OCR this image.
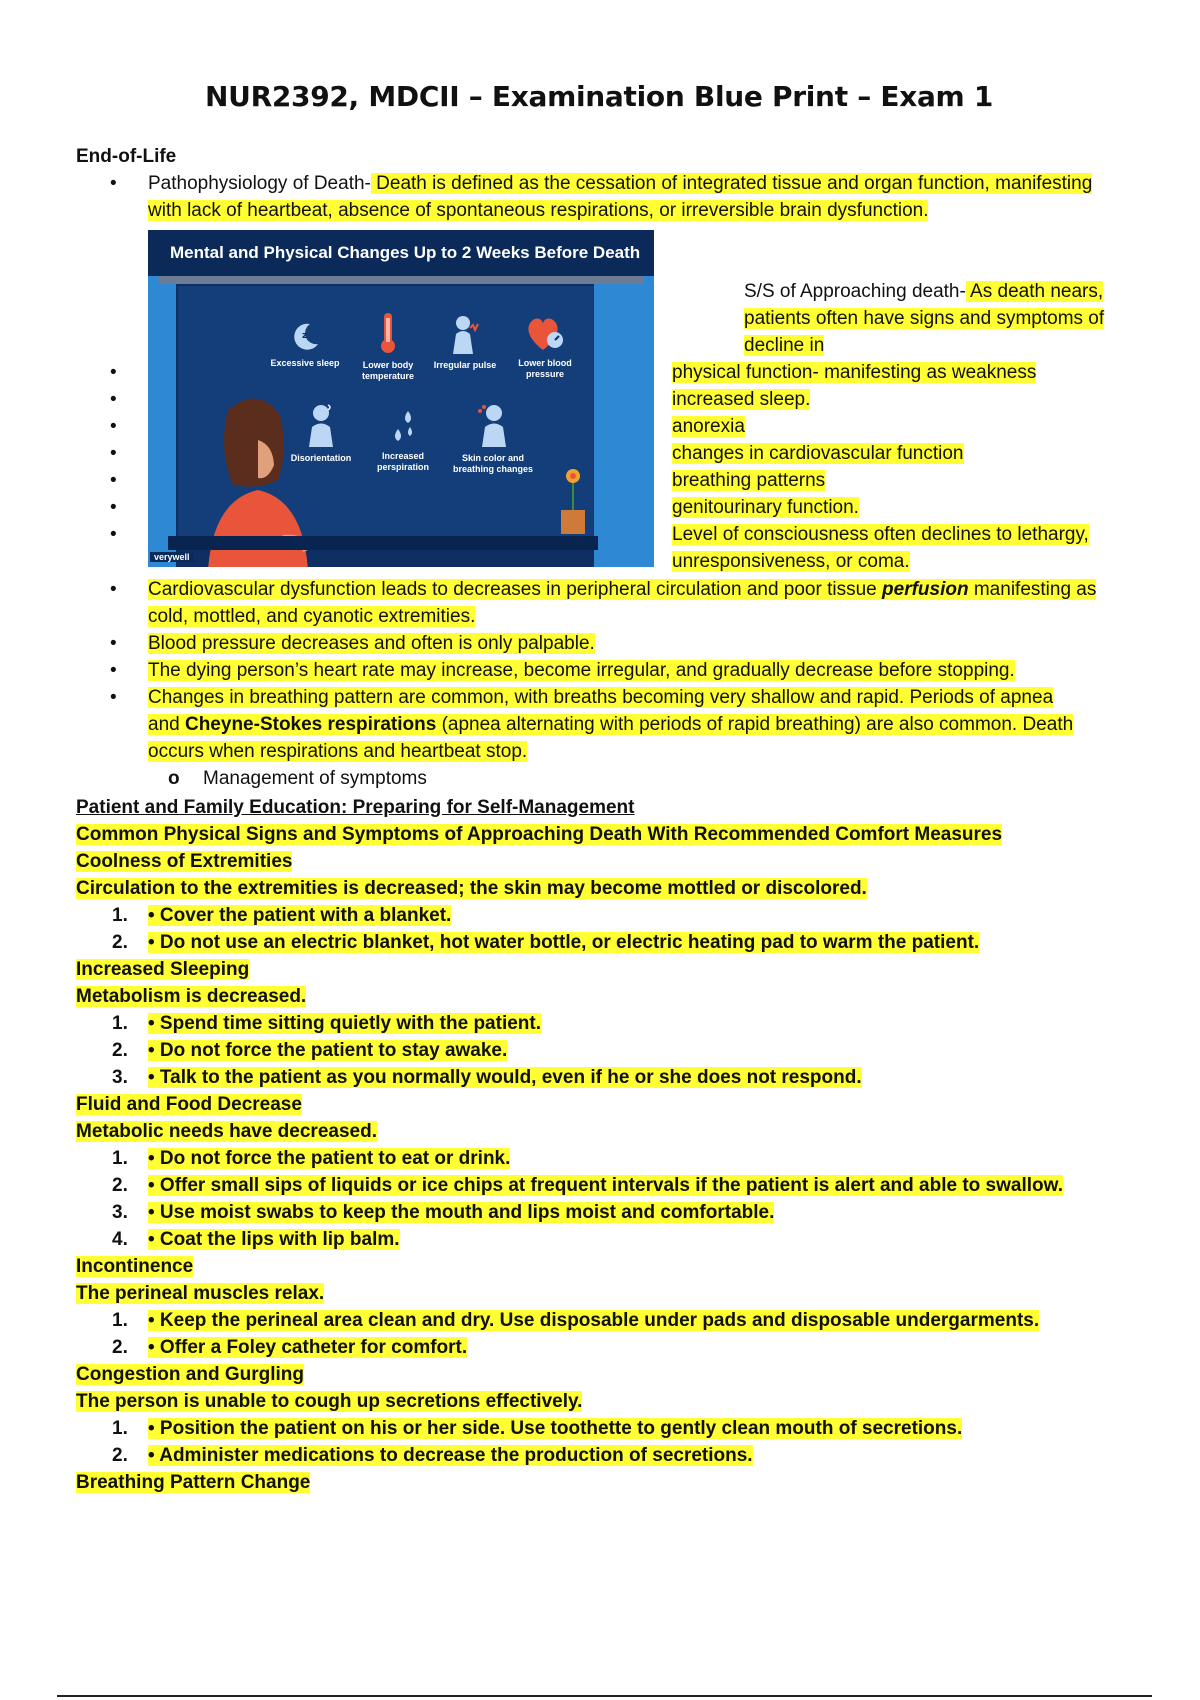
NUR2392, MDCII – Examination Blue Print – Exam 1
End-of-Life
• Pathophysiology of Death- Death is defined as the cessation of integrated tissue and organ function, manifesting
with lack of heartbeat, absence of spontaneous respirations, or irreversible brain dysfunction.
Mental and Physical Changes Up to 2 Weeks Before Death
z
Excessive sleep	Lower body temperature
Irregular pulse	Lower blood pressure
Disorientation	Increased perspiration
Skin color and breathing changes
verywell
S/S of Approaching death- As death nears,
patients often have signs and symptoms of
decline in
•	physical function- manifesting as weakness
•	increased sleep.
•	anorexia
•	changes in cardiovascular function
•	breathing patterns
•	genitourinary function.
•	Level of consciousness often declines to lethargy,
unresponsiveness, or coma.
• Cardiovascular dysfunction leads to decreases in peripheral circulation and poor tissue perfusion manifesting as
cold, mottled, and cyanotic extremities.
• Blood pressure decreases and often is only palpable.
• The dying person’s heart rate may increase, become irregular, and gradually decrease before stopping.
• Changes in breathing pattern are common, with breaths becoming very shallow and rapid. Periods of apnea
and Cheyne-Stokes respirations (apnea alternating with periods of rapid breathing) are also common. Death
occurs when respirations and heartbeat stop.
o Management of symptoms
Patient and Family Education: Preparing for Self-Management
Common Physical Signs and Symptoms of Approaching Death With Recommended Comfort Measures
Coolness of Extremities
Circulation to the extremities is decreased; the skin may become mottled or discolored.
1. • Cover the patient with a blanket.
2. • Do not use an electric blanket, hot water bottle, or electric heating pad to warm the patient.
Increased Sleeping
Metabolism is decreased.
1. • Spend time sitting quietly with the patient.
2. • Do not force the patient to stay awake.
3. • Talk to the patient as you normally would, even if he or she does not respond.
Fluid and Food Decrease
Metabolic needs have decreased.
1. • Do not force the patient to eat or drink.
2. • Offer small sips of liquids or ice chips at frequent intervals if the patient is alert and able to swallow.
3. • Use moist swabs to keep the mouth and lips moist and comfortable.
4. • Coat the lips with lip balm.
Incontinence
The perineal muscles relax.
1. • Keep the perineal area clean and dry. Use disposable under pads and disposable undergarments.
2. • Offer a Foley catheter for comfort.
Congestion and Gurgling
The person is unable to cough up secretions effectively.
1. • Position the patient on his or her side. Use toothette to gently clean mouth of secretions.
2. • Administer medications to decrease the production of secretions.
Breathing Pattern Change
